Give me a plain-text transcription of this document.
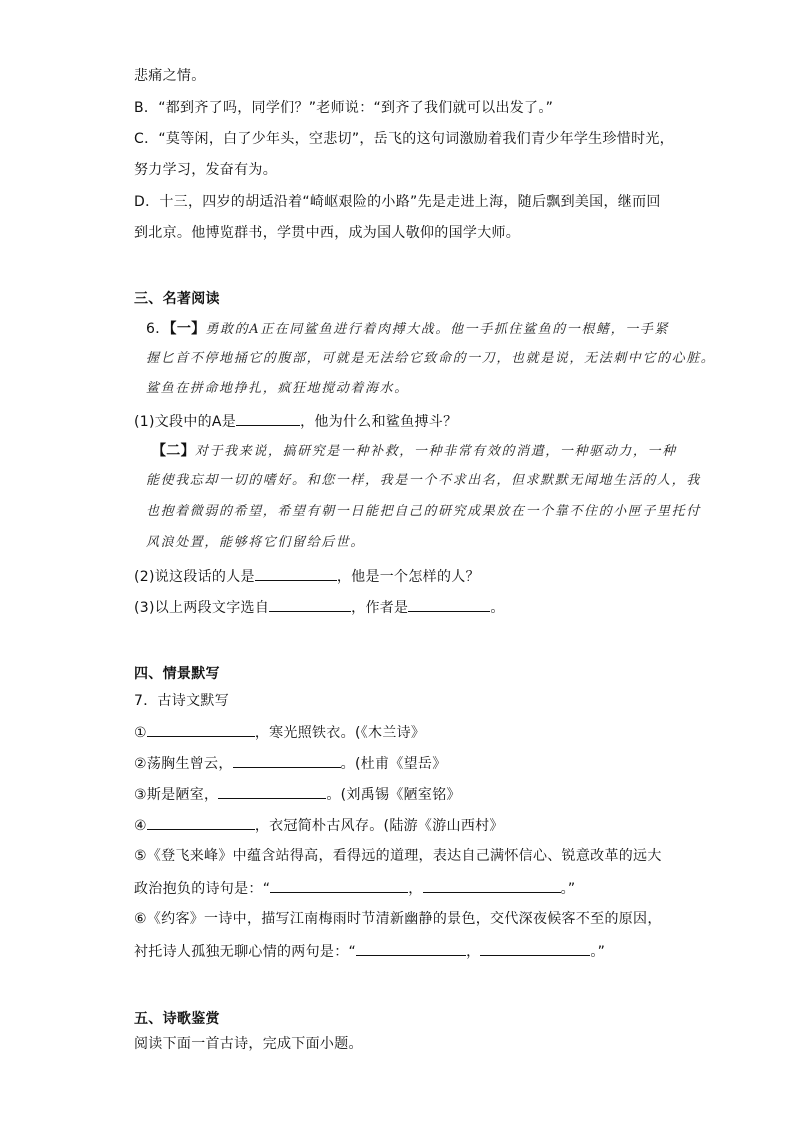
悲痛之情。
B．“都到齐了吗，同学们？”老师说：“到齐了我们就可以出发了。”
C．“莫等闲，白了少年头，空悲切”，岳飞的这句词激励着我们青少年学生珍惜时光，
努力学习，发奋有为。
D．十三，四岁的胡适沿着“崎岖艰险的小路”先是走进上海，随后飘到美国，继而回
到北京。他博览群书，学贯中西，成为国人敬仰的国学大师。
三、名著阅读
6．【一】勇敢的A正在同鲨鱼进行着肉搏大战。他一手抓住鲨鱼的一根鳍，一手紧
握匕首不停地捅它的腹部，可就是无法给它致命的一刀，也就是说，无法刺中它的心脏。
鲨鱼在拼命地挣扎，疯狂地搅动着海水。
(1)文段中的A是	，他为什么和鲨鱼搏斗？
【二】对于我来说，搞研究是一种补救，一种非常有效的消遣，一种驱动力，一种
能使我忘却一切的嗜好。和您一样，我是一个不求出名，但求默默无闻地生活的人，我
也抱着微弱的希望，希望有朝一日能把自己的研究成果放在一个靠不住的小匣子里托付
风浪处置，能够将它们留给后世。
(2)说这段话的人是	，他是一个怎样的人？
(3)以上两段文字选自	，作者是	。
四、情景默写
7．古诗文默写
①	，寒光照铁衣。(《木兰诗》
②荡胸生曾云，	。(杜甫《望岳》
③斯是陋室，	。(刘禹锡《陋室铭》
④	，衣冠简朴古风存。(陆游《游山西村》
⑤《登飞来峰》中蕴含站得高，看得远的道理，表达自己满怀信心、锐意改革的远大
政治抱负的诗句是：“	，	。”
⑥《约客》一诗中，描写江南梅雨时节清新幽静的景色，交代深夜候客不至的原因，
衬托诗人孤独无聊心情的两句是：“	，	。”
五、诗歌鉴赏
阅读下面一首古诗，完成下面小题。
